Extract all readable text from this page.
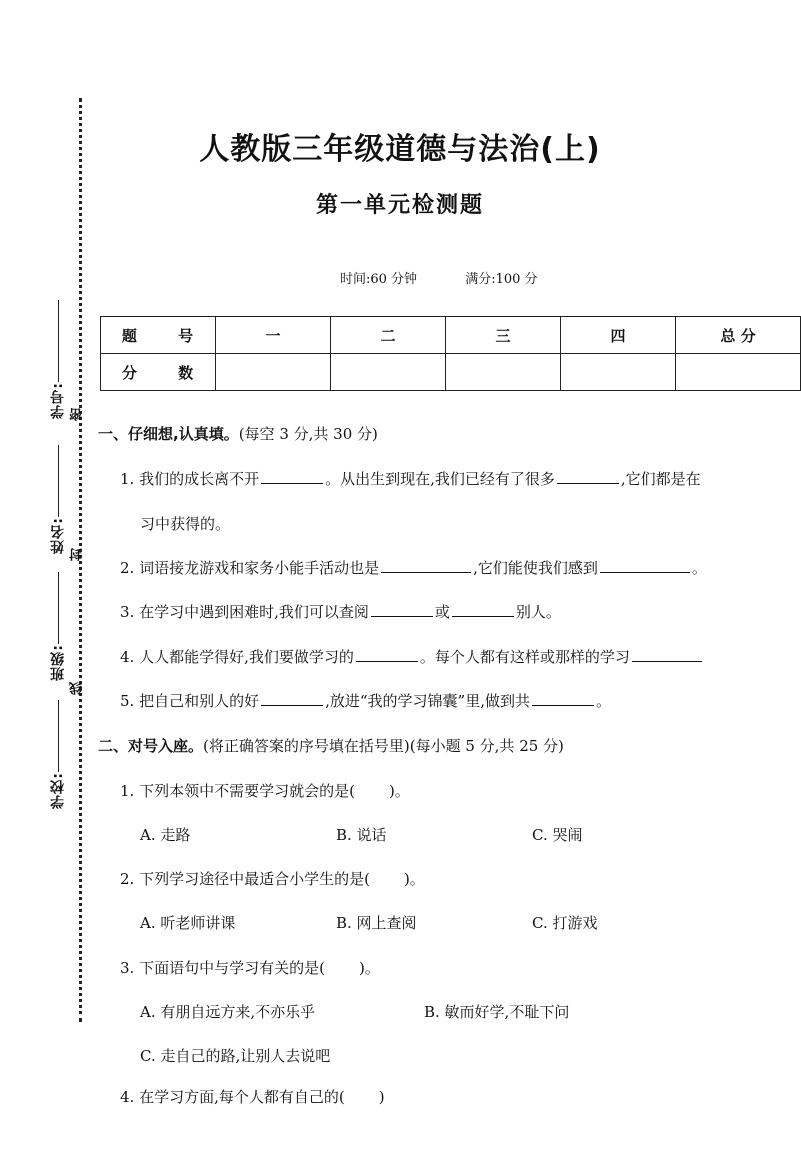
学号:
姓名:
班级:
学校:
密
封
线
人教版三年级道德与法治(上)
第一单元检测题
时间:60 分钟	满分:100 分
题 号	一	二	三	四	总 分
分 数					
一、仔细想,认真填。(每空 3 分,共 30 分)
1. 我们的成长离不开	。从出生到现在,我们已经有了很多	,它们都是在
习中获得的。
2. 词语接龙游戏和家务小能手活动也是	,它们能使我们感到	。
3. 在学习中遇到困难时,我们可以查阅	或	别人。
4. 人人都能学得好,我们要做学习的	。每个人都有这样或那样的学习
5. 把自己和别人的好	,放进“我的学习锦囊”里,做到共	。
二、对号入座。(将正确答案的序号填在括号里)(每小题 5 分,共 25 分)
1. 下列本领中不需要学习就会的是( )。
A. 走路	B. 说话	C. 哭闹
2. 下列学习途径中最适合小学生的是( )。
A. 听老师讲课	B. 网上查阅	C. 打游戏
3. 下面语句中与学习有关的是( )。
A. 有朋自远方来,不亦乐乎	B. 敏而好学,不耻下问
C. 走自己的路,让别人去说吧
4. 在学习方面,每个人都有自己的( )
